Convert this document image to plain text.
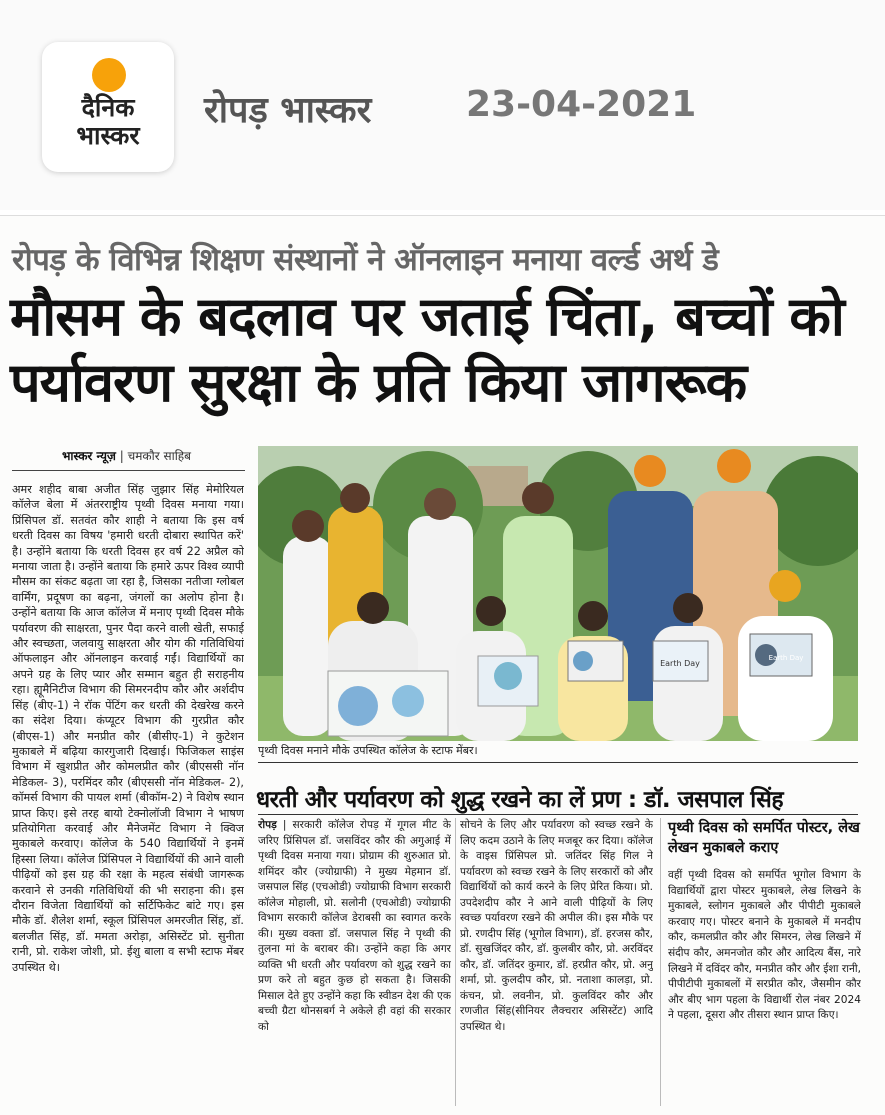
दैनिक
भास्कर
रोपड़ भास्कर	23-04-2021
रोपड़ के विभिन्न शिक्षण संस्थानों ने ऑनलाइन मनाया वर्ल्ड अर्थ डे
मौसम के बदलाव पर जताई चिंता, बच्चों को पर्यावरण सुरक्षा के प्रति किया जागरूक
भास्कर न्यूज़ | चमकौर साहिब
अमर शहीद बाबा अजीत सिंह जुझार सिंह मेमोरियल कॉलेज बेला में अंतरराष्ट्रीय पृथ्वी दिवस मनाया गया। प्रिंसिपल डॉ. सतवंत कौर शाही ने बताया कि इस वर्ष धरती दिवस का विषय 'हमारी धरती दोबारा स्थापित करें' है। उन्होंने बताया कि धरती दिवस हर वर्ष 22 अप्रैल को मनाया जाता है। उन्होंने बताया कि हमारे ऊपर विश्व व्यापी मौसम का संकट बढ़ता जा रहा है, जिसका नतीजा ग्लोबल वार्मिंग, प्रदूषण का बढ़ना, जंगलों का अलोप होना है। उन्होंने बताया कि आज कॉलेज में मनाए पृथ्वी दिवस मौके पर्यावरण की साक्षरता, पुनर पैदा करने वाली खेती, सफाई और स्वच्छता, जलवायु साक्षरता और योग की गतिविधियां ऑफलाइन और ऑनलाइन करवाई गईं। विद्यार्थियों का अपने ग्रह के लिए प्यार और सम्मान बहुत ही सराहनीय रहा। ह्यूमैनिटीज विभाग की सिमरनदीप कौर और अर्शदीप सिंह (बीए-1) ने रॉक पेंटिंग कर धरती की देखरेख करने का संदेश दिया। कंप्यूटर विभाग की गुरप्रीत कौर (बीएस-1) और मनप्रीत कौर (बीसीए-1) ने कुटेशन मुकाबले में बढ़िया कारगुजारी दिखाई। फिजिकल साइंस विभाग में खुशप्रीत और कोमलप्रीत कौर (बीएससी नॉन मेडिकल- 3), परमिंदर कौर (बीएससी नॉन मेडिकल- 2), कॉमर्स विभाग की पायल शर्मा (बीकॉम-2) ने विशेष स्थान प्राप्त किए। इसे तरह बायो टेक्नोलॉजी विभाग ने भाषण प्रतियोगिता करवाई और मैनेजमेंट विभाग ने क्विज मुकाबले करवाए। कॉलेज के 540 विद्यार्थियों ने इनमें हिस्सा लिया। कॉलेज प्रिंसिपल ने विद्यार्थियों की आने वाली पीढ़ियों को इस ग्रह की रक्षा के महत्व संबंधी जागरूक करवाने से उनकी गतिविधियों की भी सराहना की। इस दौरान विजेता विद्यार्थियों को सर्टिफिकेट बांटे गए। इस मौके डॉ. शैलेश शर्मा, स्कूल प्रिंसिपल अमरजीत सिंह, डॉ. बलजीत सिंह, डॉ. ममता अरोड़ा, असिस्टेंट प्रो. सुनीता रानी, प्रो. राकेश जोशी, प्रो. ईशु बाला व सभी स्टाफ मेंबर उपस्थित थे।
Earth Day
Earth Day
पृथ्वी दिवस मनाने मौके उपस्थित कॉलेज के स्टाफ मेंबर।
धरती और पर्यावरण को शुद्ध रखने का लें प्रण : डॉ. जसपाल सिंह
रोपड़ | सरकारी कॉलेज रोपड़ में गूगल मीट के जरिए प्रिंसिपल डॉ. जसविंदर कौर की अगुआई में पृथ्वी दिवस मनाया गया। प्रोग्राम की शुरुआत प्रो. शमिंदर कौर (ज्योग्राफी) ने मुख्य मेहमान डॉ. जसपाल सिंह (एचओडी) ज्योग्राफी विभाग सरकारी कॉलेज मोहाली, प्रो. सलोनी (एचओडी) ज्योग्राफी विभाग सरकारी कॉलेज डेराबसी का स्वागत करके की। मुख्य वक्ता डॉ. जसपाल सिंह ने पृथ्वी की तुलना मां के बराबर की। उन्होंने कहा कि अगर व्यक्ति भी धरती और पर्यावरण को शुद्ध रखने का प्रण करे तो बहुत कुछ हो सकता है। जिसकी मिसाल देते हुए उन्होंने कहा कि स्वीडन देश की एक बच्ची ग्रैटा थोनसबर्ग ने अकेले ही वहां की सरकार को
सोचने के लिए और पर्यावरण को स्वच्छ रखने के लिए कदम उठाने के लिए मजबूर कर दिया। कॉलेज के वाइस प्रिंसिपल प्रो. जतिंदर सिंह गिल ने पर्यावरण को स्वच्छ रखने के लिए सरकारों को और विद्यार्थियों को कार्य करने के लिए प्रेरित किया। प्रो. उपदेशदीप कौर ने आने वाली पीढ़ियों के लिए स्वच्छ पर्यावरण रखने की अपील की। इस मौके पर प्रो. रणदीप सिंह (भूगोल विभाग), डॉ. हरजस कौर, डॉ. सुखजिंदर कौर, डॉ. कुलबीर कौर, प्रो. अरविंदर कौर, डॉ. जतिंदर कुमार, डॉ. हरप्रीत कौर, प्रो. अनु शर्मा, प्रो. कुलदीप कौर, प्रो. नताशा कालड़ा, प्रो. कंचन, प्रो. लवनीन, प्रो. कुलविंदर कौर और रणजीत सिंह(सीनियर लैक्चरार असिस्टेंट) आदि उपस्थित थे।
पृथ्वी दिवस को समर्पित पोस्टर, लेख लेखन मुकाबले कराए
वहीं पृथ्वी दिवस को समर्पित भूगोल विभाग के विद्यार्थियों द्वारा पोस्टर मुकाबले, लेख लिखने के मुकाबले, स्लोगन मुकाबले और पीपीटी मुकाबले करवाए गए। पोस्टर बनाने के मुकाबले में मनदीप कौर, कमलप्रीत कौर और सिमरन, लेख लिखने में संदीप कौर, अमनजोत कौर और आदित्य बैंस, नारे लिखने में दविंदर कौर, मनप्रीत कौर और ईशा रानी, पीपीटीपी मुकाबलों में सरप्रीत कौर, जैसमीन कौर और बीए भाग पहला के विद्यार्थी रोल नंबर 2024 ने पहला, दूसरा और तीसरा स्थान प्राप्त किए।
